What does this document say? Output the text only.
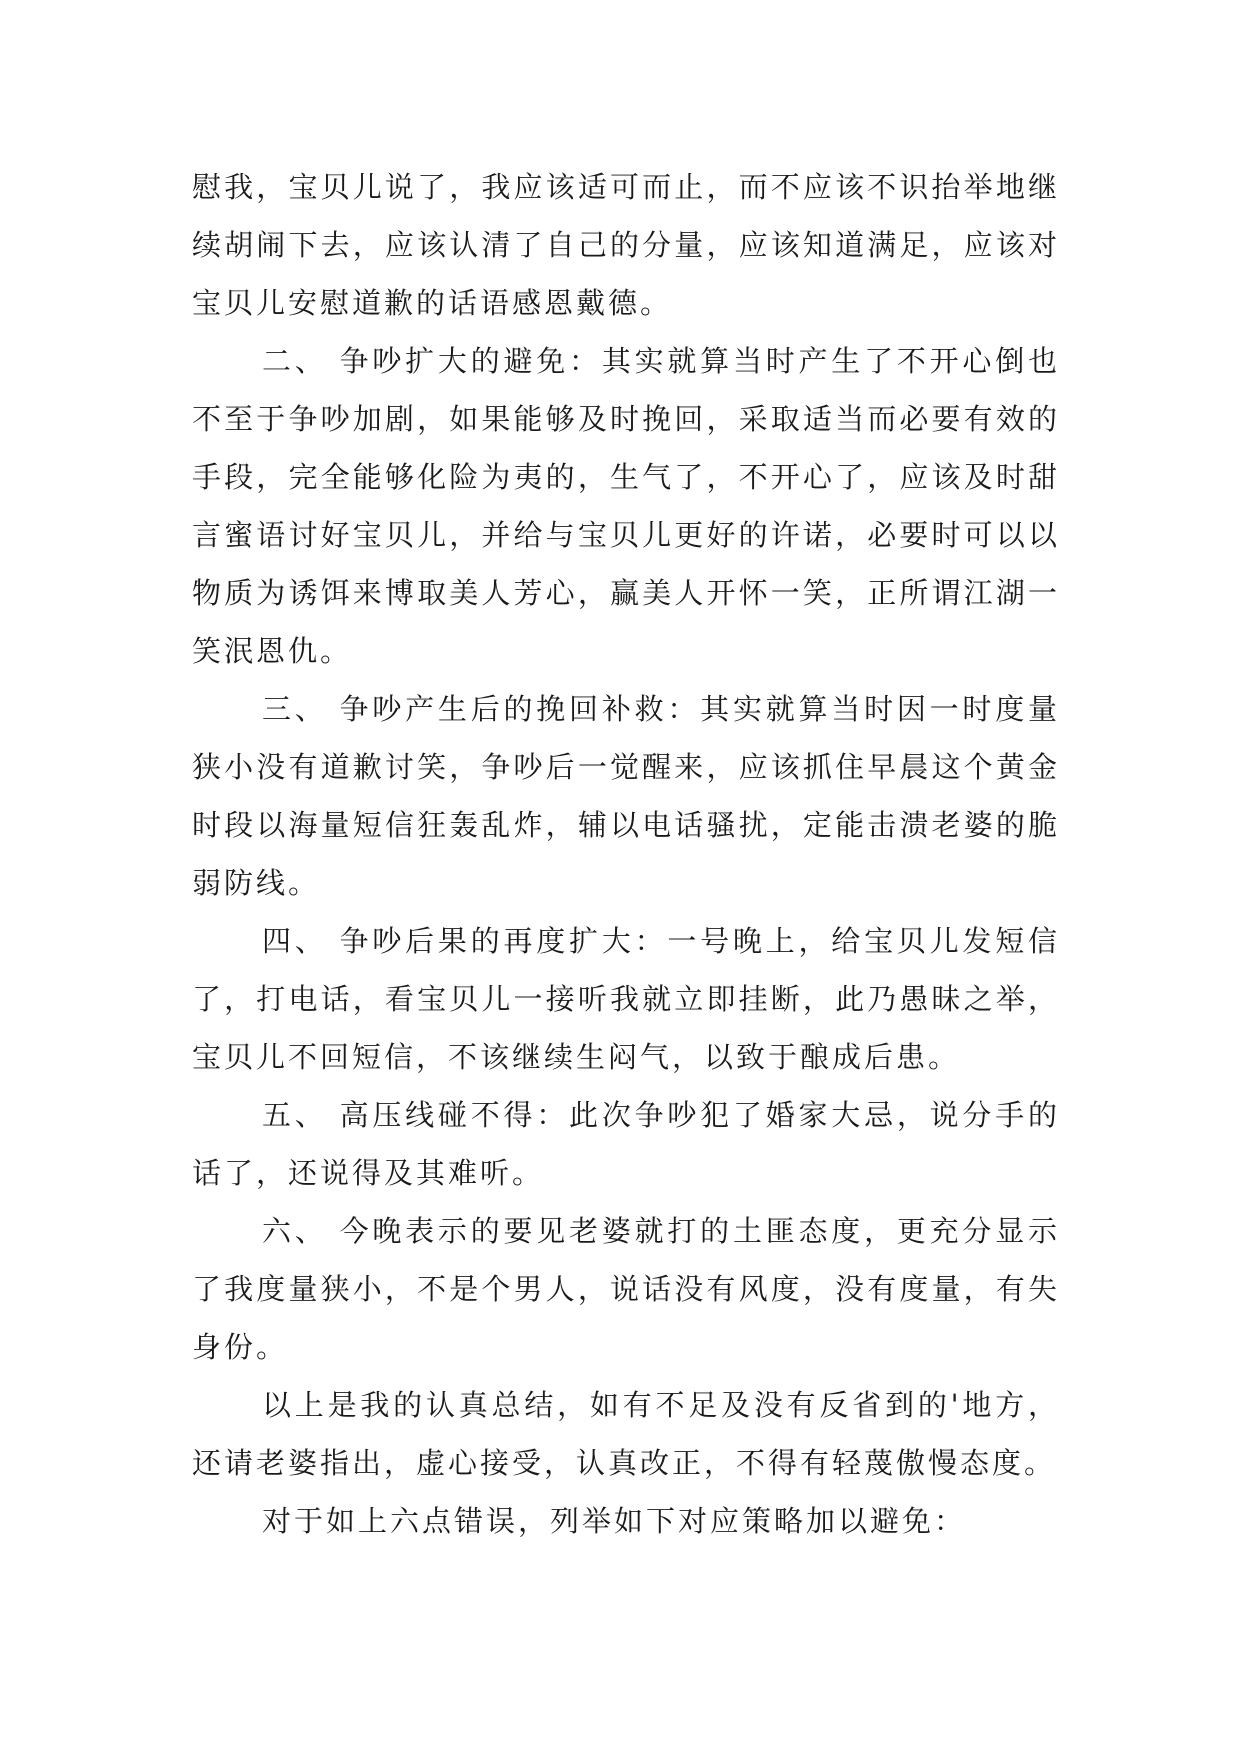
慰我，宝贝儿说了，我应该适可而止，而不应该不识抬举地继续胡闹下去，应该认清了自己的分量，应该知道满足，应该对宝贝儿安慰道歉的话语感恩戴德。

二、 争吵扩大的避免：其实就算当时产生了不开心倒也不至于争吵加剧，如果能够及时挽回，采取适当而必要有效的手段，完全能够化险为夷的，生气了，不开心了，应该及时甜言蜜语讨好宝贝儿，并给与宝贝儿更好的许诺，必要时可以以物质为诱饵来博取美人芳心，赢美人开怀一笑，正所谓江湖一笑泯恩仇。

三、 争吵产生后的挽回补救：其实就算当时因一时度量狭小没有道歉讨笑，争吵后一觉醒来，应该抓住早晨这个黄金时段以海量短信狂轰乱炸，辅以电话骚扰，定能击溃老婆的脆弱防线。

四、 争吵后果的再度扩大：一号晚上，给宝贝儿发短信了，打电话，看宝贝儿一接听我就立即挂断，此乃愚昧之举，宝贝儿不回短信，不该继续生闷气，以致于酿成后患。

五、 高压线碰不得：此次争吵犯了婚家大忌，说分手的话了，还说得及其难听。

六、 今晚表示的要见老婆就打的土匪态度，更充分显示了我度量狭小，不是个男人，说话没有风度，没有度量，有失身份。

以上是我的认真总结，如有不足及没有反省到的'地方，还请老婆指出，虚心接受，认真改正，不得有轻蔑傲慢态度。

对于如上六点错误，列举如下对应策略加以避免：
